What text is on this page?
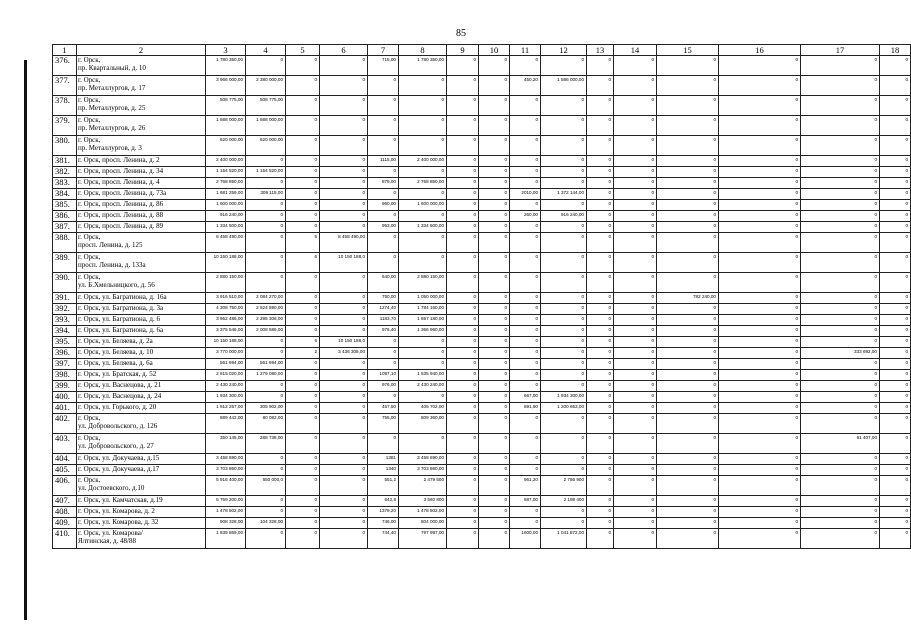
85
1	2	3	4	5	6	7	8	9	10	11	12	13	14	15	16	17	18
376.	г. Орск,
пр. Квартальный, д. 10	1 780 350,00	0	0	0	715,00	1 780 350,00	0	0	0	0	0	0	0	0	0	0
377.	г. Орск,
пр. Металлургов, д. 17	3 966 000,00	2 380 000,00	0	0	0	0	0	0	450,20	1 586 000,00	0	0	0	0	0	0
378.	г. Орск,
пр. Металлургов, д. 25	508 775,00	508 775,00	0	0	0	0	0	0	0	0	0	0	0	0	0	0
379.	г. Орск,
пр. Металлургов, д. 26	1 688 000,00	1 688 000,00	0	0	0	0	0	0	0	0	0	0	0	0	0	0
380.	г. Орск,
пр. Металлургов, д. 3	620 000,00	620 000,00	0	0	0	0	0	0	0	0	0	0	0	0	0	0
381.	г. Орск, просп. Ленина, д. 2	2 400 000,00	0	0	0	1115,00	2 400 000,00	0	0	0	0	0	0	0	0	0	0
382.	г. Орск, просп. Ленина, д. 34	1 154 520,00	1 154 520,00	0	0	0	0	0	0	0	0	0	0	0	0	0	0
383.	г. Орск, просп. Ленина, д. 4	2 768 850,00	0	0	0	879,00	2 768 850,00	0	0	0	0	0	0	0	0	0	0
384.	г. Орск, просп. Ленина, д. 73а	1 681 259,00	309 115,00	0	0	0	0	0	0	2010,00	1 372 144,00	0	0	0	0	0	0
385.	г. Орск, просп. Ленина, д. 86	1 600 000,00	0	0	0	960,00	1 600 000,00	0	0	0	0	0	0	0	0	0	0
386.	г. Орск, просп. Ленина, д. 88	916 240,00	0	0	0	0	0	0	0	260,00	916 240,00	0	0	0	0	0	0
387.	г. Орск, просп. Ленина, д. 89	1 334 500,00	0	0	0	953,00	1 334 500,00	0	0	0	0	0	0	0	0	0	0
388.	г. Орск,
просп. Ленина, д. 125	8 458 490,00	0	5	8 458 490,00	0	0	0	0	0	0	0	0	0	0	0	0
389.	г. Орск,
просп. Ленина, д. 133а	10 150 188,00	0	6	10 150 188,0	0	0	0	0	0	0	0	0	0	0	0	0
390.	г. Орск,
ул. Б.Хмельницкого, д. 56	2 880 150,00	0	0	0	640,00	2 880 150,00	0	0	0	0	0	0	0	0	0	0
391.	г. Орск, ул. Багратиона, д. 16а	3 916 510,00	2 084 270,00	0	0	750,00	1 050 000,00	0	0	0	0	0	0	782 240,00	0	0	0
392.	г. Орск, ул. Багратиона, д. 3а	4 308 750,00	2 524 590,00	0	0	1274,40	1 784 160,00	0	0	0	0	0	0	0	0	0	0
393.	г. Орск, ул. Багратиона, д. 6	3 952 486,00	2 295 306,00	0	0	1183,70	1 657 180,00	0	0	0	0	0	0	0	0	0	0
394.	г. Орск, ул. Багратиона, д. 6а	3 375 546,00	2 008 586,00	0	0	976,40	1 366 960,00	0	0	0	0	0	0	0	0	0	0
395.	г. Орск, ул. Беляева, д. 2а	10 150 188,00	0	6	10 150 188,0	0	0	0	0	0	0	0	0	0	0	0	0
396.	г. Орск, ул. Беляева, д. 10	3 770 000,00	0	2	3 436 308,00	0	0	0	0	0	0	0	0	0	0	333 692,00	0
397.	г. Орск, ул. Беляева, д. 6а	561 694,00	561 694,00	0	0	0	0	0	0	0	0	0	0	0	0	0	0
398.	г. Орск, ул. Братская, д. 52	2 815 020,00	1 279 080,00	0	0	1097,10	1 535 940,00	0	0	0	0	0	0	0	0	0	0
399.	г. Орск, ул. Васнецова, д. 21	2 430 240,00	0	0	0	976,00	2 430 240,00	0	0	0	0	0	0	0	0	0	0
400.	г. Орск, ул. Васнецова, д. 24	1 934 300,00	0	0	0	0	0	0	0	667,00	1 934 300,00	0	0	0	0	0	0
401.	г. Орск, ул. Горького, д. 20	1 912 257,00	305 902,00	0	0	457,50	405 702,00	0	0	691,90	1 200 653,00	0	0	0	0	0	0
402.	г. Орск,
ул. Добровольского, д. 126	889 442,00	80 082,00	0	0	755,00	809 360,00	0	0	0	0	0	0	0	0	0	0
403.	г. Орск,
ул. Добровольского, д. 27	350 145,00	288 738,00	0	0	0	0	0	0	0	0	0	0	0	0	61 407,00	0
404.	г. Орск, ул. Докучаева, д.15	3 458 690,00	0	0	0	1381	3 458 690,00	0	0	0	0	0	0	0	0	0	0
405.	г. Орск, ул. Докучаева, д.17	3 703 860,00	0	0	0	1340	3 703 860,00	0	0	0	0	0	0	0	0	0	0
406.	г. Орск,
ул. Достоевского, д.10	5 916 400,00	650 000,0	0	0	551,2	2 479 500	0	0	961,20	2 786 900	0	0	0	0	0	0
407.	г. Орск, ул. Камчатская, д.19	5 759 200,00	0	0	0	642,8	3 560 800	0	0	687,00	2 198 400	0	0	0	0	0	0
408.	г. Орск, ул. Комарова, д. 2	1 478 502,00	0	0	0	1379,20	1 478 502,00	0	0	0	0	0	0	0	0	0	0
409.	г. Орск, ул. Комарова, д. 32	908 328,00	104 328,00	0	0	746,00	804 000,00	0	0	0	0	0	0	0	0	0	0
410.	г. Орск, ул. Комарова/
Ялтинская, д. 48/88	1 839 869,00	0	0	0	744,40	797 997,00	0	0	1600,00	1 041 872,00	0	0	0	0	0	0
